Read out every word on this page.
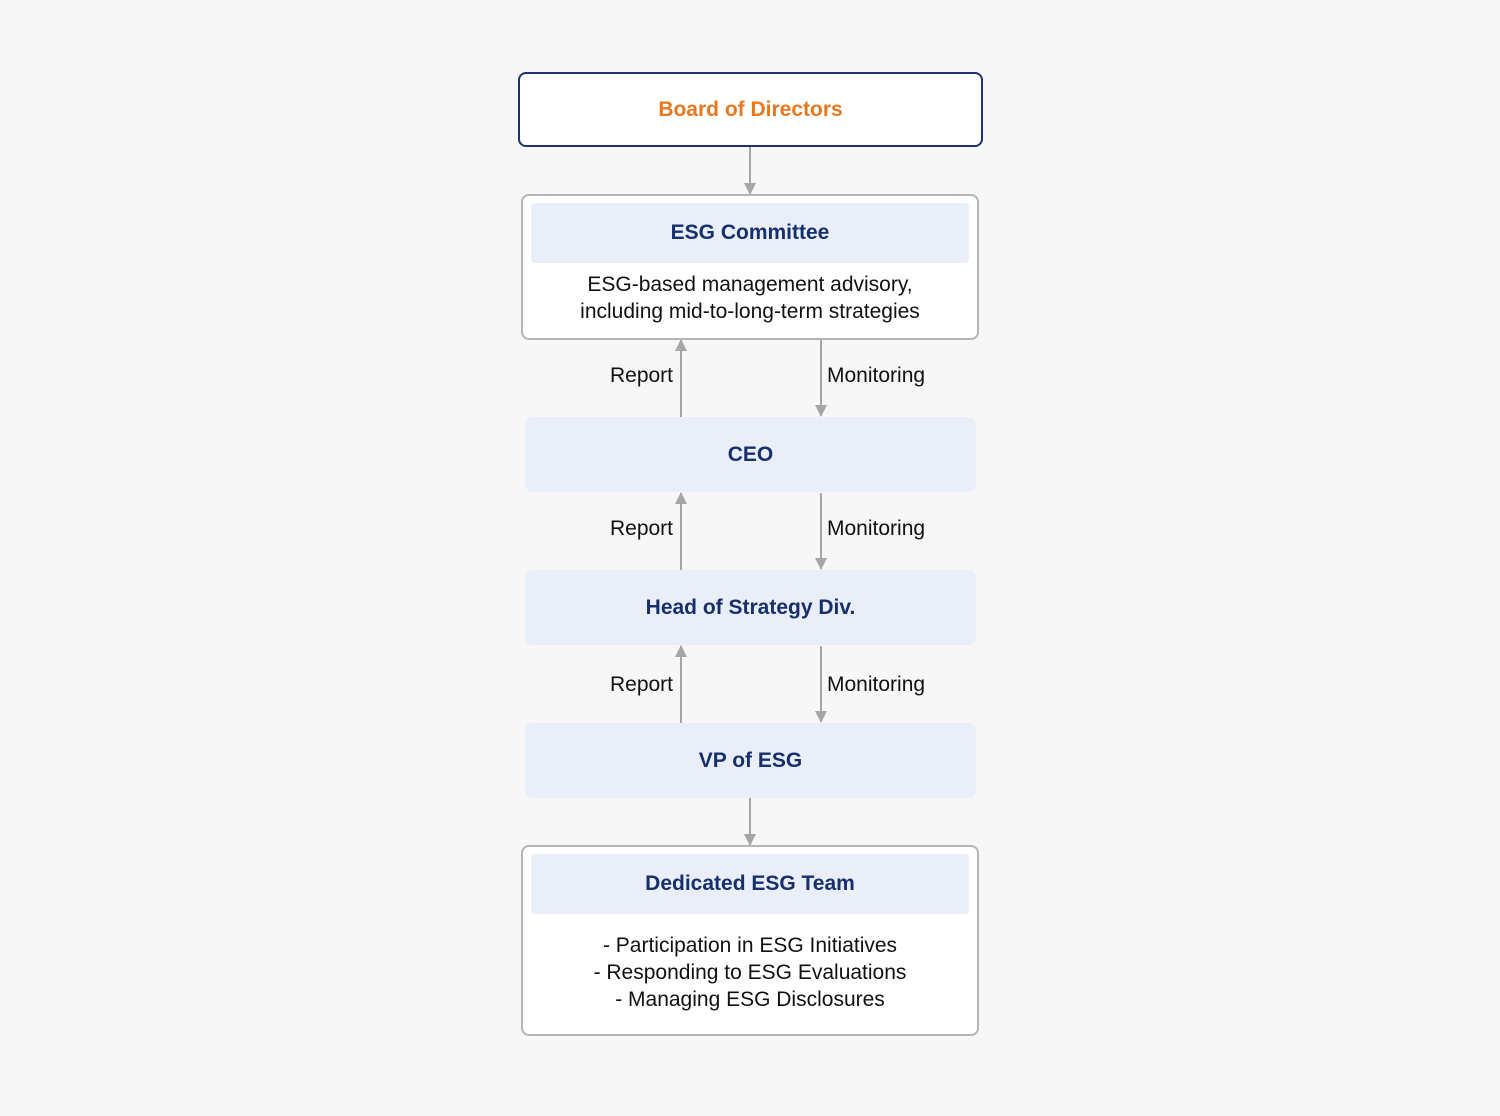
Board of Directors
ESG Committee
ESG-based management advisory,
including mid-to-long-term strategies
Report	Monitoring
CEO
Report	Monitoring
Head of Strategy Div.
Report	Monitoring
VP of ESG
Dedicated ESG Team
- Participation in ESG Initiatives
- Responding to ESG Evaluations
- Managing ESG Disclosures
